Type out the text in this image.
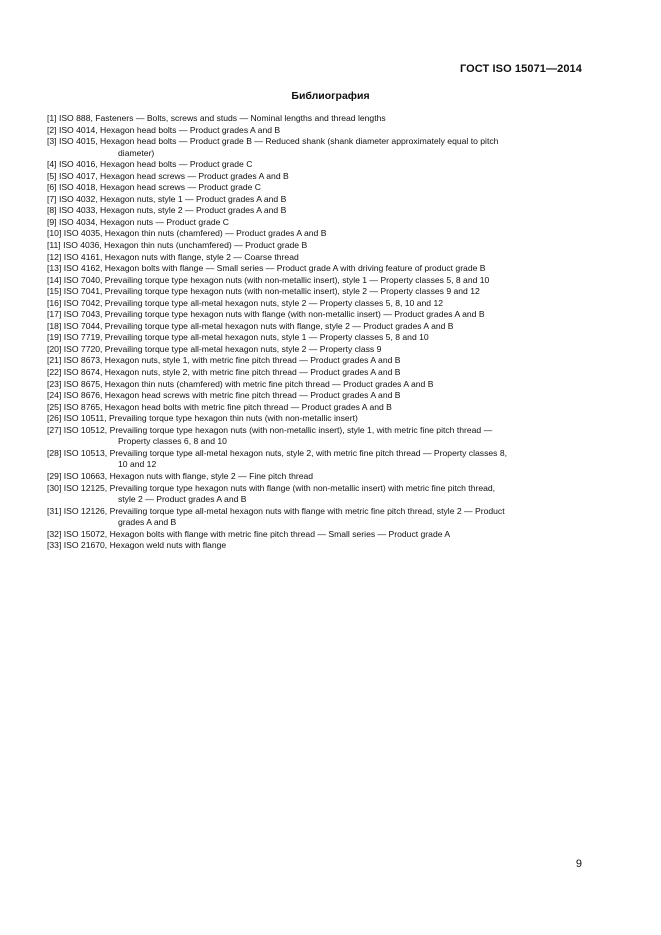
ГОСТ ISO 15071—2014
Библиография
[1] ISO 888, Fasteners — Bolts, screws and studs — Nominal lengths and thread lengths
[2] ISO 4014, Hexagon head bolts — Product grades A and B
[3] ISO 4015, Hexagon head bolts — Product grade B — Reduced shank (shank diameter approximately equal to pitch
diameter)
[4] ISO 4016, Hexagon head bolts — Product grade C
[5] ISO 4017, Hexagon head screws — Product grades A and B
[6] ISO 4018, Hexagon head screws — Product grade C
[7] ISO 4032, Hexagon nuts, style 1 — Product grades A and B
[8] ISO 4033, Hexagon nuts, style 2 — Product grades A and B
[9] ISO 4034, Hexagon nuts — Product grade C
[10] ISO 4035, Hexagon thin nuts (chamfered) — Product grades A and B
[11] ISO 4036, Hexagon thin nuts (unchamfered) — Product grade B
[12] ISO 4161, Hexagon nuts with flange, style 2 — Coarse thread
[13] ISO 4162, Hexagon bolts with flange — Small series — Product grade A with driving feature of product grade B
[14] ISO 7040, Prevailing torque type hexagon nuts (with non-metallic insert), style 1 — Property classes 5, 8 and 10
[15] ISO 7041, Prevailing torque type hexagon nuts (with non-metallic insert), style 2 — Property classes 9 and 12
[16] ISO 7042, Prevailing torque type all-metal hexagon nuts, style 2 — Property classes 5, 8, 10 and 12
[17] ISO 7043, Prevailing torque type hexagon nuts with flange (with non-metallic insert) — Product grades A and B
[18] ISO 7044, Prevailing torque type all-metal hexagon nuts with flange, style 2 — Product grades A and B
[19] ISO 7719, Prevailing torque type all-metal hexagon nuts, style 1 — Property classes 5, 8 and 10
[20] ISO 7720, Prevailing torque type all-metal hexagon nuts, style 2 — Property class 9
[21] ISO 8673, Hexagon nuts, style 1, with metric fine pitch thread — Product grades A and B
[22] ISO 8674, Hexagon nuts, style 2, with metric fine pitch thread — Product grades A and B
[23] ISO 8675, Hexagon thin nuts (chamfered) with metric fine pitch thread — Product grades A and B
[24] ISO 8676, Hexagon head screws with metric fine pitch thread — Product grades A and B
[25] ISO 8765, Hexagon head bolts with metric fine pitch thread — Product grades A and B
[26] ISO 10511, Prevailing torque type hexagon thin nuts (with non-metallic insert)
[27] ISO 10512, Prevailing torque type hexagon nuts (with non-metallic insert), style 1, with metric fine pitch thread —
Property classes 6, 8 and 10
[28] ISO 10513, Prevailing torque type all-metal hexagon nuts, style 2, with metric fine pitch thread — Property classes 8,
10 and 12
[29] ISO 10663, Hexagon nuts with flange, style 2 — Fine pitch thread
[30] ISO 12125, Prevailing torque type hexagon nuts with flange (with non-metallic insert) with metric fine pitch thread,
style 2 — Product grades A and B
[31] ISO 12126, Prevailing torque type all-metal hexagon nuts with flange with metric fine pitch thread, style 2 — Product
grades A and B
[32] ISO 15072, Hexagon bolts with flange with metric fine pitch thread — Small series — Product grade A
[33] ISO 21670, Hexagon weld nuts with flange
9
